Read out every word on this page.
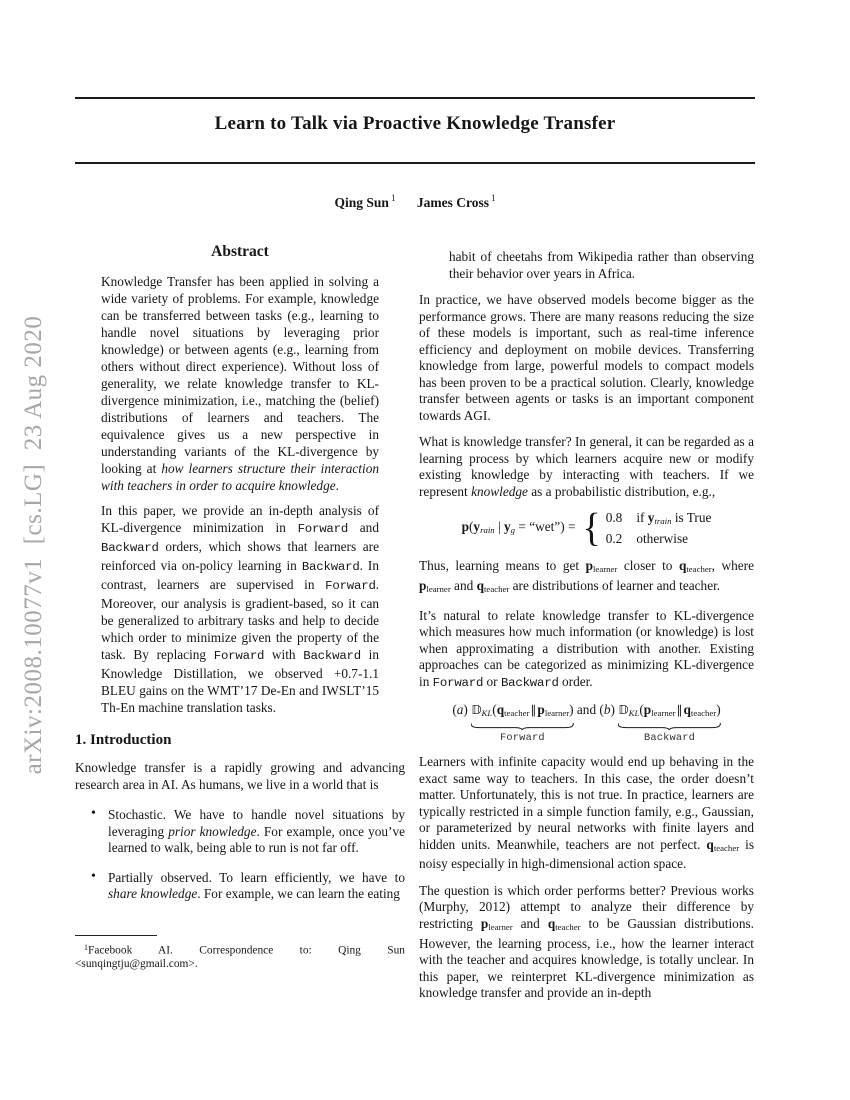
arXiv:2008.10077v1  [cs.LG]  23 Aug 2020
Learn to Talk via Proactive Knowledge Transfer
Qing Sun $^1$ James Cross $^1$
Abstract

Knowledge Transfer has been applied in solving a wide variety of problems. For example, knowledge can be transferred between tasks (e.g., learning to handle novel situations by leveraging prior knowledge) or between agents (e.g., learning from others without direct experience). Without loss of generality, we relate knowledge transfer to KL-divergence minimization, i.e., matching the (belief) distributions of learners and teachers. The equivalence gives us a new perspective in understanding variants of the KL-divergence by looking at how learners structure their interaction with teachers in order to acquire knowledge.

In this paper, we provide an in-depth analysis of KL-divergence minimization in Forward and Backward orders, which shows that learners are reinforced via on-policy learning in Backward. In contrast, learners are supervised in Forward. Moreover, our analysis is gradient-based, so it can be generalized to arbitrary tasks and help to decide which order to minimize given the property of the task. By replacing Forward with Backward in Knowledge Distillation, we observed +0.7-1.1 BLEU gains on the WMT’17 De-En and IWSLT’15 Th-En machine translation tasks.

1. Introduction

Knowledge transfer is a rapidly growing and advancing research area in AI. As humans, we live in a world that is

• Stochastic. We have to handle novel situations by leveraging prior knowledge. For example, once you’ve learned to walk, being able to run is not far off.
• Partially observed. To learn efficiently, we have to share knowledge. For example, we can learn the eating

$^1$Facebook AI. Correspondence to: Qing Sun <sunqingtju@gmail.com>.

habit of cheetahs from Wikipedia rather than observing their behavior over years in Africa.

In practice, we have observed models become bigger as the performance grows. There are many reasons reducing the size of these models is important, such as real-time inference efficiency and deployment on mobile devices. Transferring knowledge from large, powerful models to compact models has been proven to be a practical solution. Clearly, knowledge transfer between agents or tasks is an important component towards AGI.

What is knowledge transfer? In general, it can be regarded as a learning process by which learners acquire new or modify existing knowledge by interacting with teachers. If we represent knowledge as a probabilistic distribution, e.g.,

p(yrain | yg = “wet”) = { 0.8 if ytrain is True
0.2 otherwise

Thus, learning means to get plearner closer to qteacher, where plearner and qteacher are distributions of learner and teacher.

It’s natural to relate knowledge transfer to KL-divergence which measures how much information (or knowledge) is lost when approximating a distribution with another. Existing approaches can be categorized as minimizing KL-divergence in Forward or Backward order.

(a) 𝔻KL(qteacher∥plearner)
Forward
and (b) 𝔻KL(plearner∥qteacher)
Backward

Learners with infinite capacity would end up behaving in the exact same way to teachers. In this case, the order doesn’t matter. Unfortunately, this is not true. In practice, learners are typically restricted in a simple function family, e.g., Gaussian, or parameterized by neural networks with finite layers and hidden units. Meanwhile, teachers are not perfect. qteacher is noisy especially in high-dimensional action space.

The question is which order performs better? Previous works (Murphy, 2012) attempt to analyze their difference by restricting plearner and qteacher to be Gaussian distributions. However, the learning process, i.e., how the learner interact with the teacher and acquires knowledge, is totally unclear. In this paper, we reinterpret KL-divergence minimization as knowledge transfer and provide an in-depth
